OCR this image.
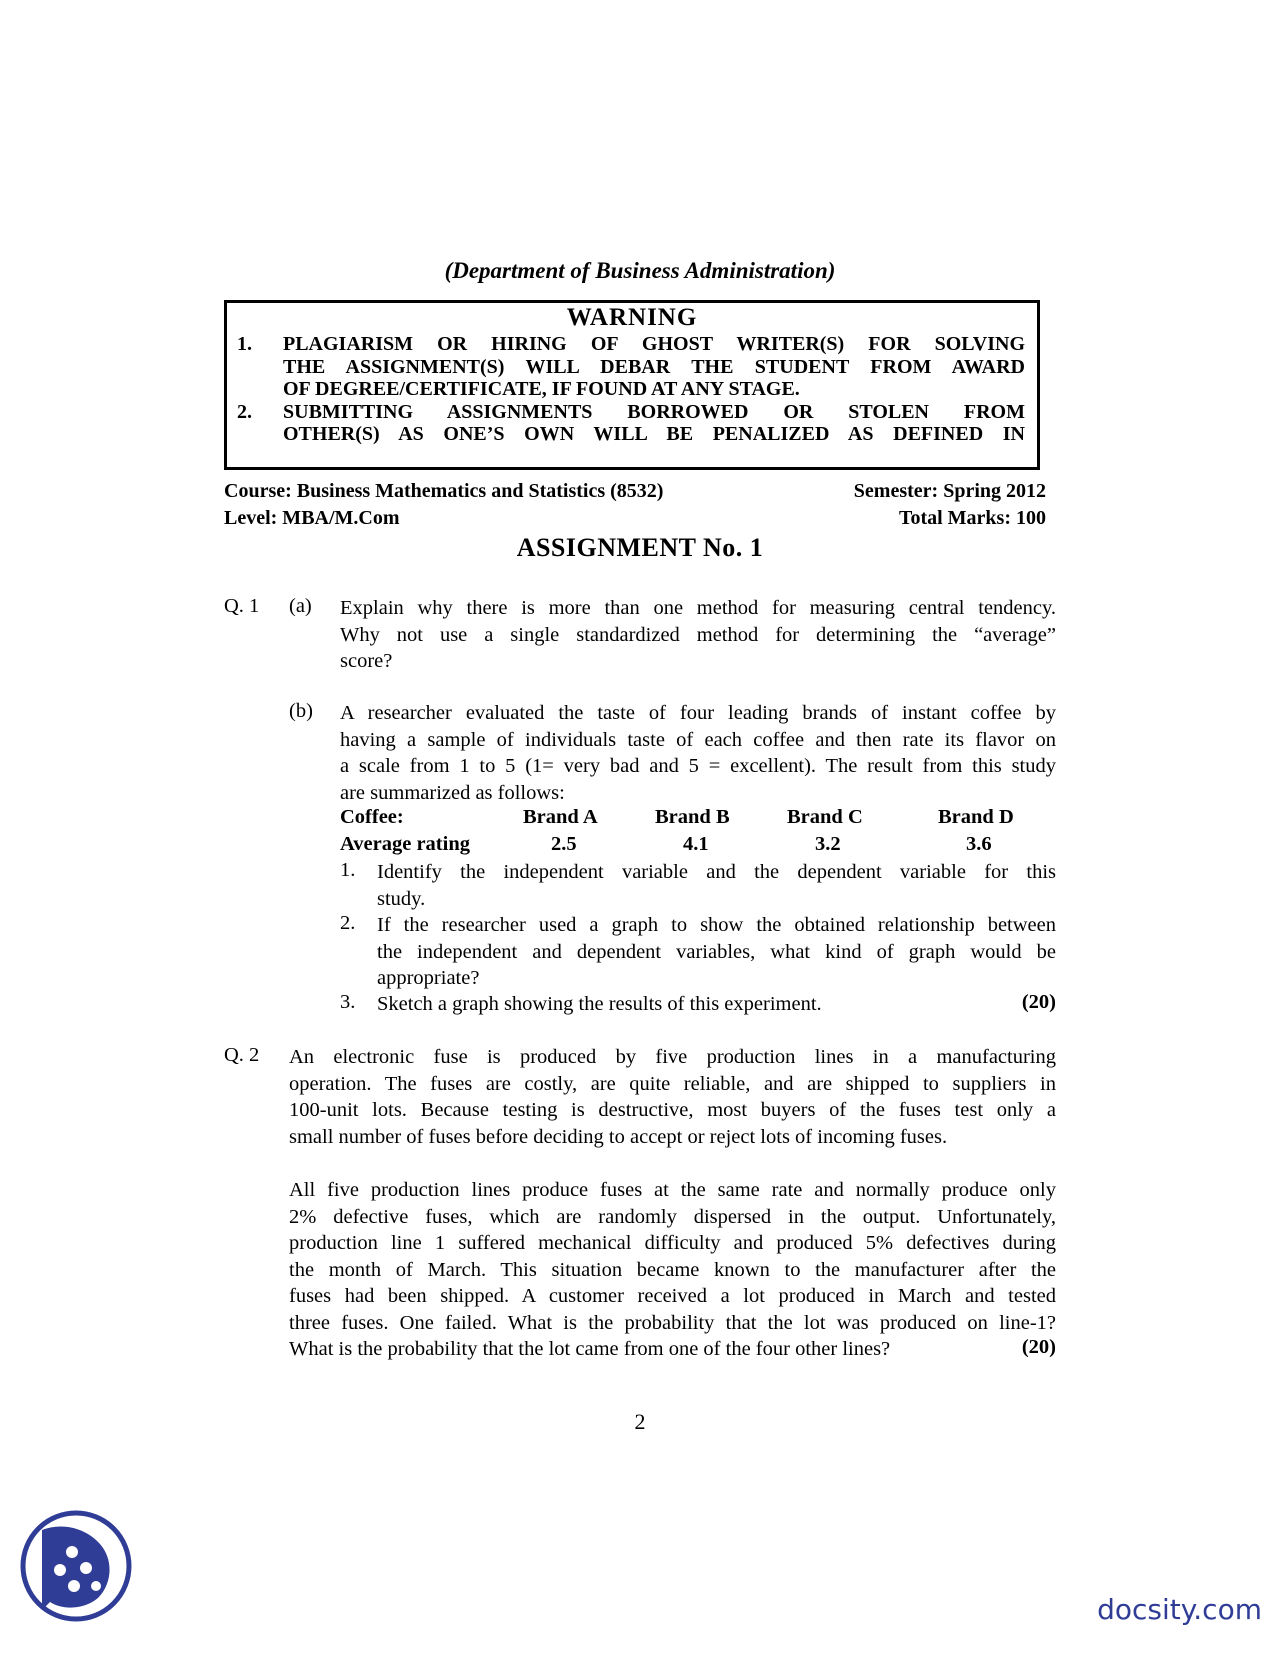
(Department of Business Administration)
WARNING
1. PLAGIARISM OR HIRING OF GHOST WRITER(S) FOR SOLVING
THE ASSIGNMENT(S) WILL DEBAR THE STUDENT FROM AWARD
OF DEGREE/CERTIFICATE, IF FOUND AT ANY STAGE.
2. SUBMITTING ASSIGNMENTS BORROWED OR STOLEN FROM
OTHER(S) AS ONE’S OWN WILL BE PENALIZED AS DEFINED IN
Course: Business Mathematics and Statistics (8532)	Semester: Spring 2012
Level: MBA/M.Com	Total Marks: 100
ASSIGNMENT No. 1
Q. 1 (a) Explain why there is more than one method for measuring central tendency.
Why not use a single standardized method for determining the “average”
score?
(b) A researcher evaluated the taste of four leading brands of instant coffee by
having a sample of individuals taste of each coffee and then rate its flavor on
a scale from 1 to 5 (1= very bad and 5 = excellent). The result from this study
are summarized as follows:
Coffee:	Brand A	Brand B	Brand C	Brand D
Average rating	2.5	4.1	3.2	3.6
1. Identify the independent variable and the dependent variable for this
study.
2. If the researcher used a graph to show the obtained relationship between
the independent and dependent variables, what kind of graph would be
appropriate?
3. Sketch a graph showing the results of this experiment.	(20)
Q. 2 An electronic fuse is produced by five production lines in a manufacturing
operation. The fuses are costly, are quite reliable, and are shipped to suppliers in
100-unit lots. Because testing is destructive, most buyers of the fuses test only a
small number of fuses before deciding to accept or reject lots of incoming fuses.
All five production lines produce fuses at the same rate and normally produce only
2% defective fuses, which are randomly dispersed in the output. Unfortunately,
production line 1 suffered mechanical difficulty and produced 5% defectives during
the month of March. This situation became known to the manufacturer after the
fuses had been shipped. A customer received a lot produced in March and tested
three fuses. One failed. What is the probability that the lot was produced on line-1?
What is the probability that the lot came from one of the four other lines?	(20)
2
docsity.com
